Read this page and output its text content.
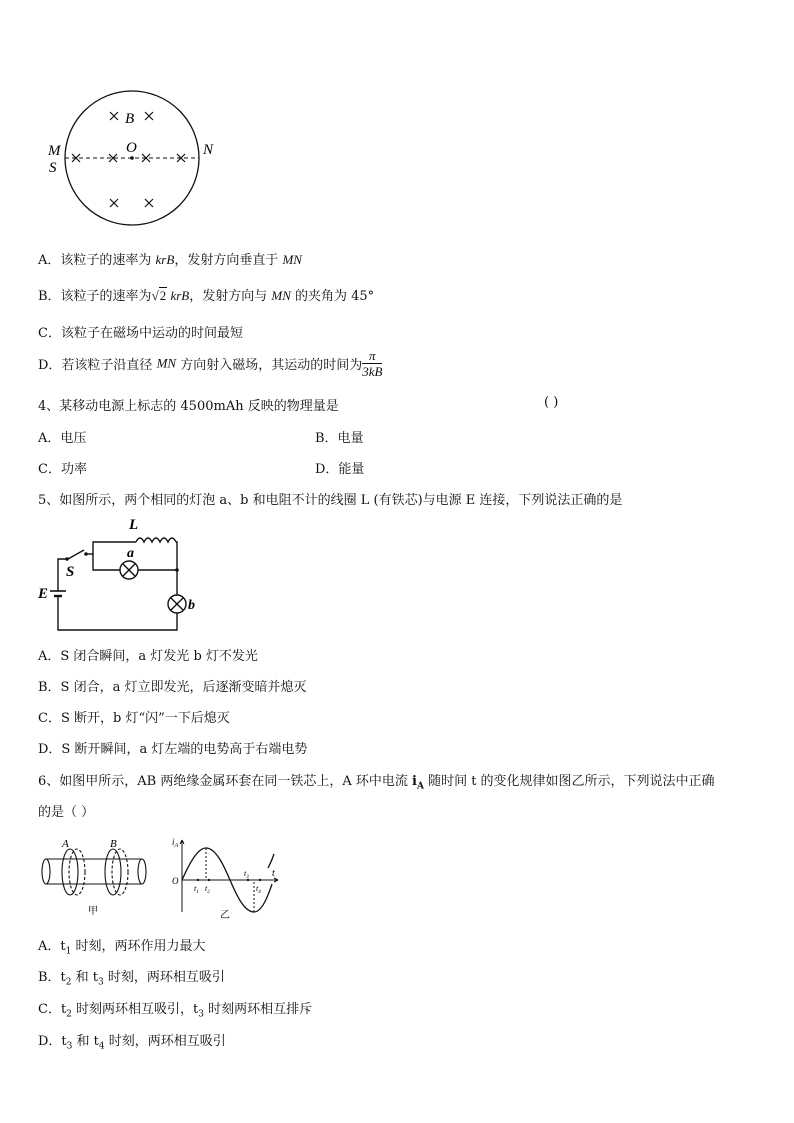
B
O
M
S
N
A．该粒子的速率为 krB，发射方向垂直于 MN
B．该粒子的速率为√2 krB，发射方向与 MN 的夹角为 45°
C．该粒子在磁场中运动的时间最短
D．若该粒子沿直径 MN 方向射入磁场，其运动的时间为 $\frac{\pi}{3kB}$
4、某移动电源上标志的 4500mAh 反映的物理量是	( )
A．电压	B．电量
C．功率	D．能量
5、如图所示，两个相同的灯泡 a、b 和电阻不计的线圈 L (有铁芯)与电源 E 连接，下列说法正确的是
L
a
S
E
b
A．S 闭合瞬间，a 灯发光 b 灯不发光
B．S 闭合，a 灯立即发光，后逐渐变暗并熄灭
C．S 断开，b 灯“闪”一下后熄灭
D．S 断开瞬间，a 灯左端的电势高于右端电势
6、如图甲所示，AB 两绝缘金属环套在同一铁芯上，A 环中电流 $i_A$ 随时间 t 的变化规律如图乙所示，下列说法中正确
的是（ ）
A	B
甲
$i_A$
O
t
$t_1$ $t_2$
$t_3$
$t_4$
乙
A．$t_1$ 时刻，两环作用力最大
B．$t_2$ 和 $t_3$ 时刻，两环相互吸引
C．$t_2$ 时刻两环相互吸引，$t_3$ 时刻两环相互排斥
D．$t_3$ 和 $t_4$ 时刻，两环相互吸引
